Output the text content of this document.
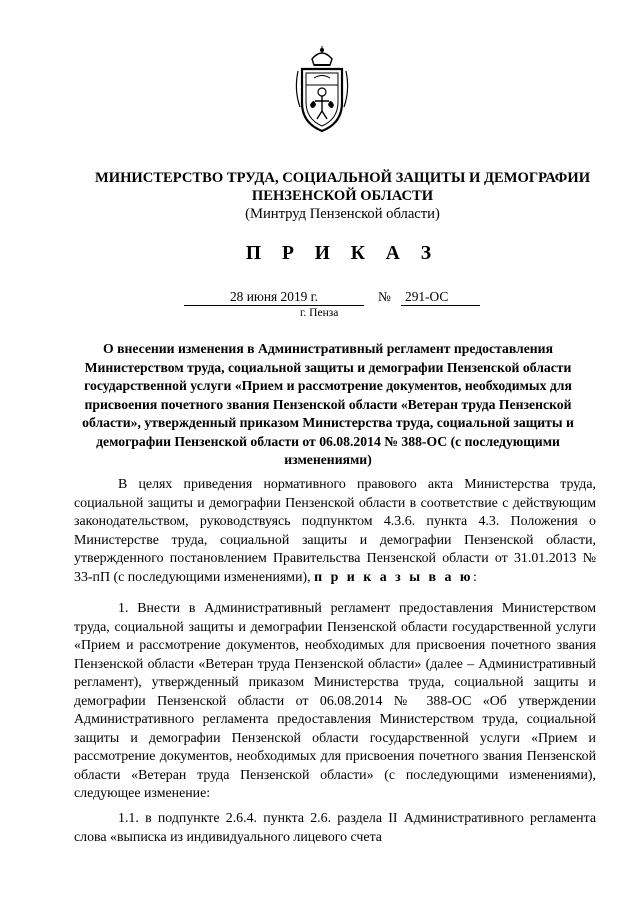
МИНИСТЕРСТВО ТРУДА, СОЦИАЛЬНОЙ ЗАЩИТЫ И ДЕМОГРАФИИ
ПЕНЗЕНСКОЙ ОБЛАСТИ
(Минтруд Пензенской области)
П Р И К А З
28 июня 2019 г.	№ 291-ОС
г. Пенза
О внесении изменения в Административный регламент предоставления Министерством труда, социальной защиты и демографии Пензенской области государственной услуги «Прием и рассмотрение документов, необходимых для присвоения почетного звания Пензенской области «Ветеран труда Пензенской области», утвержденный приказом Министерства труда, социальной защиты и демографии Пензенской области от 06.08.2014 № 388-ОС (с последующими изменениями)
В целях приведения нормативного правового акта Министерства труда, социальной защиты и демографии Пензенской области в соответствие с действующим законодательством, руководствуясь подпунктом 4.3.6. пункта 4.3. Положения о Министерстве труда, социальной защиты и демографии Пензенской области, утвержденного постановлением Правительства Пензенской области от 31.01.2013 № 33-пП (с последующими изменениями), п р и к а з ы в а ю:
1. Внести в Административный регламент предоставления Министерством труда, социальной защиты и демографии Пензенской области государственной услуги «Прием и рассмотрение документов, необходимых для присвоения почетного звания Пензенской области «Ветеран труда Пензенской области» (далее – Административный регламент), утвержденный приказом Министерства труда, социальной защиты и демографии Пензенской области от 06.08.2014 № 388-ОС «Об утверждении Административного регламента предоставления Министерством труда, социальной защиты и демографии Пензенской области государственной услуги «Прием и рассмотрение документов, необходимых для присвоения почетного звания Пензенской области «Ветеран труда Пензенской области» (с последующими изменениями), следующее изменение:
1.1. в подпункте 2.6.4. пункта 2.6. раздела II Административного регламента слова «выписка из индивидуального лицевого счета
